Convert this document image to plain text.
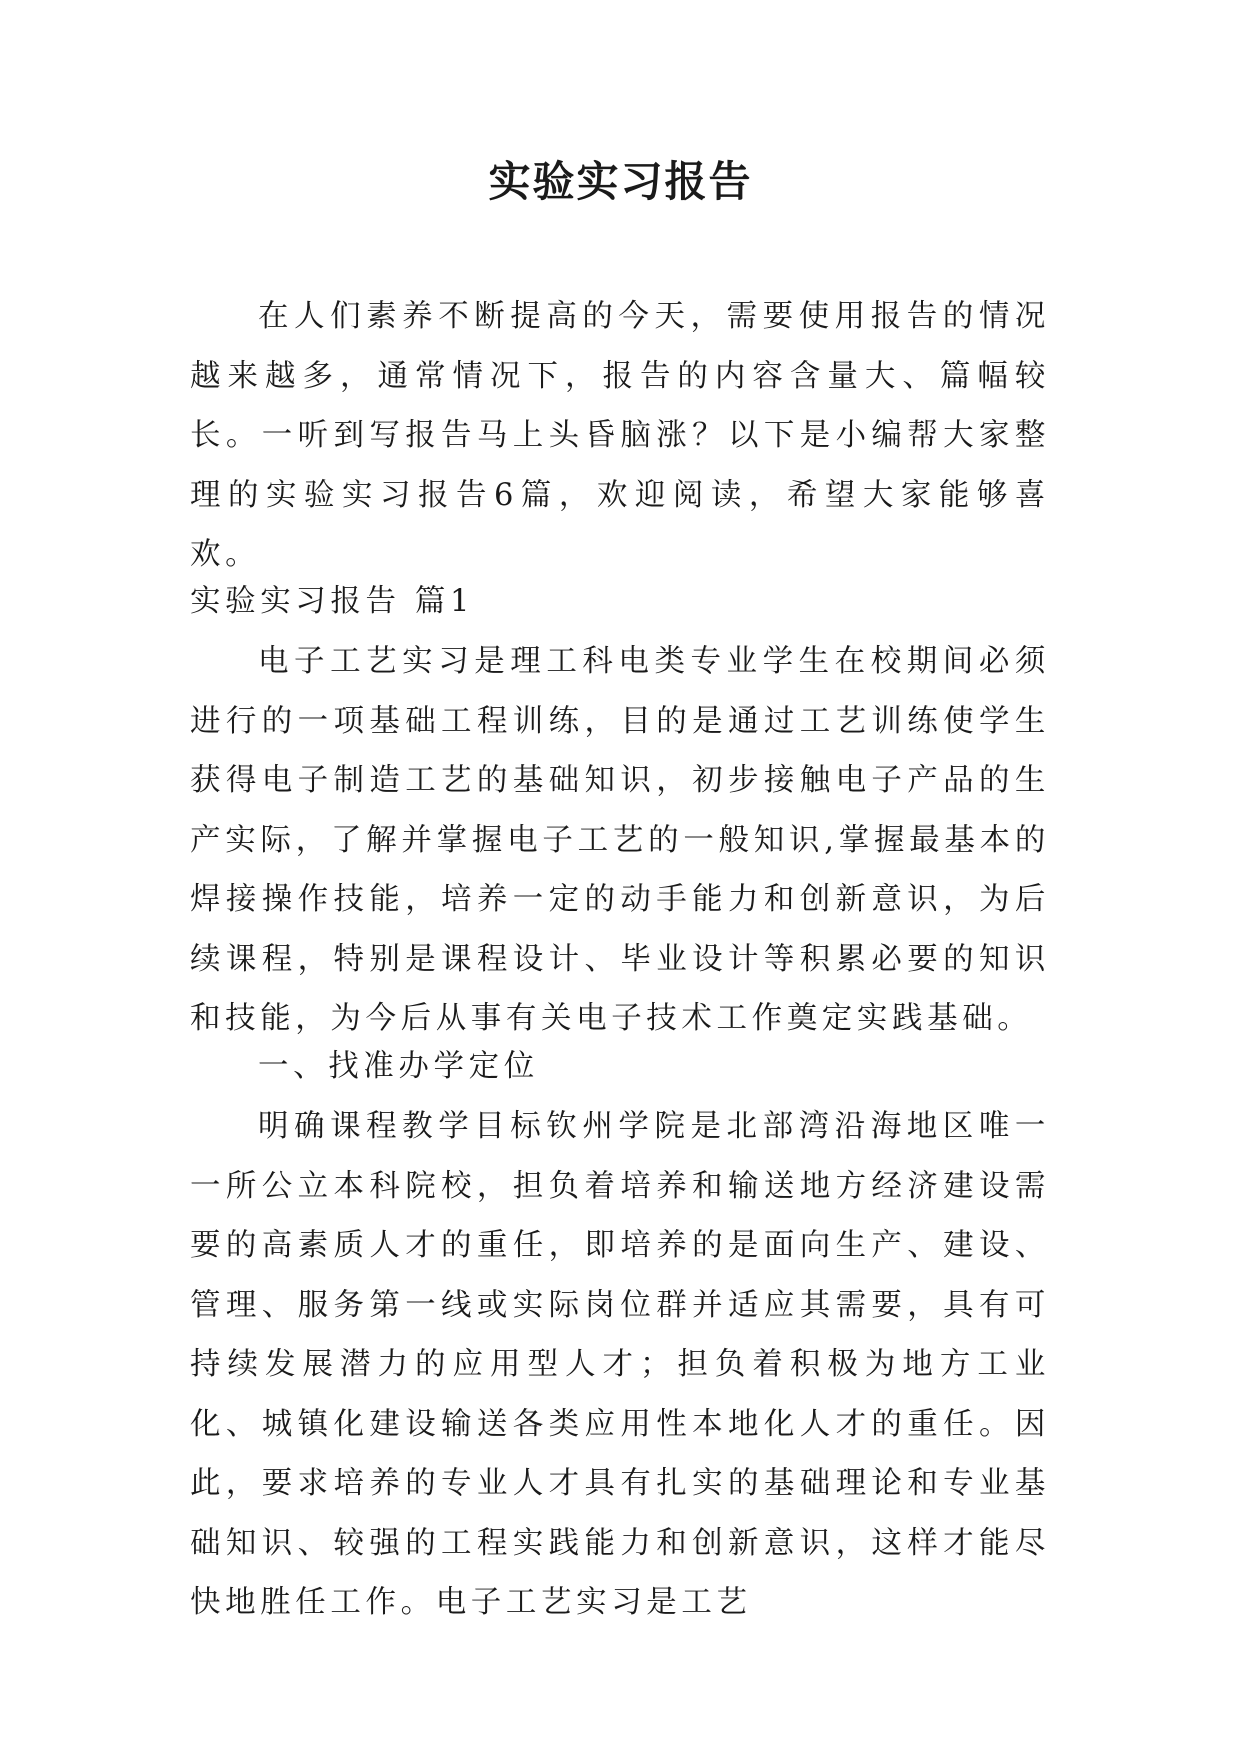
实验实习报告

在人们素养不断提高的今天，需要使用报告的情况越来越多，通常情况下，报告的内容含量大、篇幅较长。一听到写报告马上头昏脑涨？以下是小编帮大家整理的实验实习报告6篇，欢迎阅读，希望大家能够喜欢。

实验实习报告 篇1

电子工艺实习是理工科电类专业学生在校期间必须进行的一项基础工程训练，目的是通过工艺训练使学生获得电子制造工艺的基础知识，初步接触电子产品的生产实际，了解并掌握电子工艺的一般知识,掌握最基本的焊接操作技能，培养一定的动手能力和创新意识，为后续课程，特别是课程设计、毕业设计等积累必要的知识和技能，为今后从事有关电子技术工作奠定实践基础。

一、找准办学定位

明确课程教学目标钦州学院是北部湾沿海地区唯一一所公立本科院校，担负着培养和输送地方经济建设需要的高素质人才的重任，即培养的是面向生产、建设、管理、服务第一线或实际岗位群并适应其需要，具有可持续发展潜力的应用型人才；担负着积极为地方工业化、城镇化建设输送各类应用性本地化人才的重任。因此，要求培养的专业人才具有扎实的基础理论和专业基础知识、较强的工程实践能力和创新意识，这样才能尽快地胜任工作。电子工艺实习是工艺
